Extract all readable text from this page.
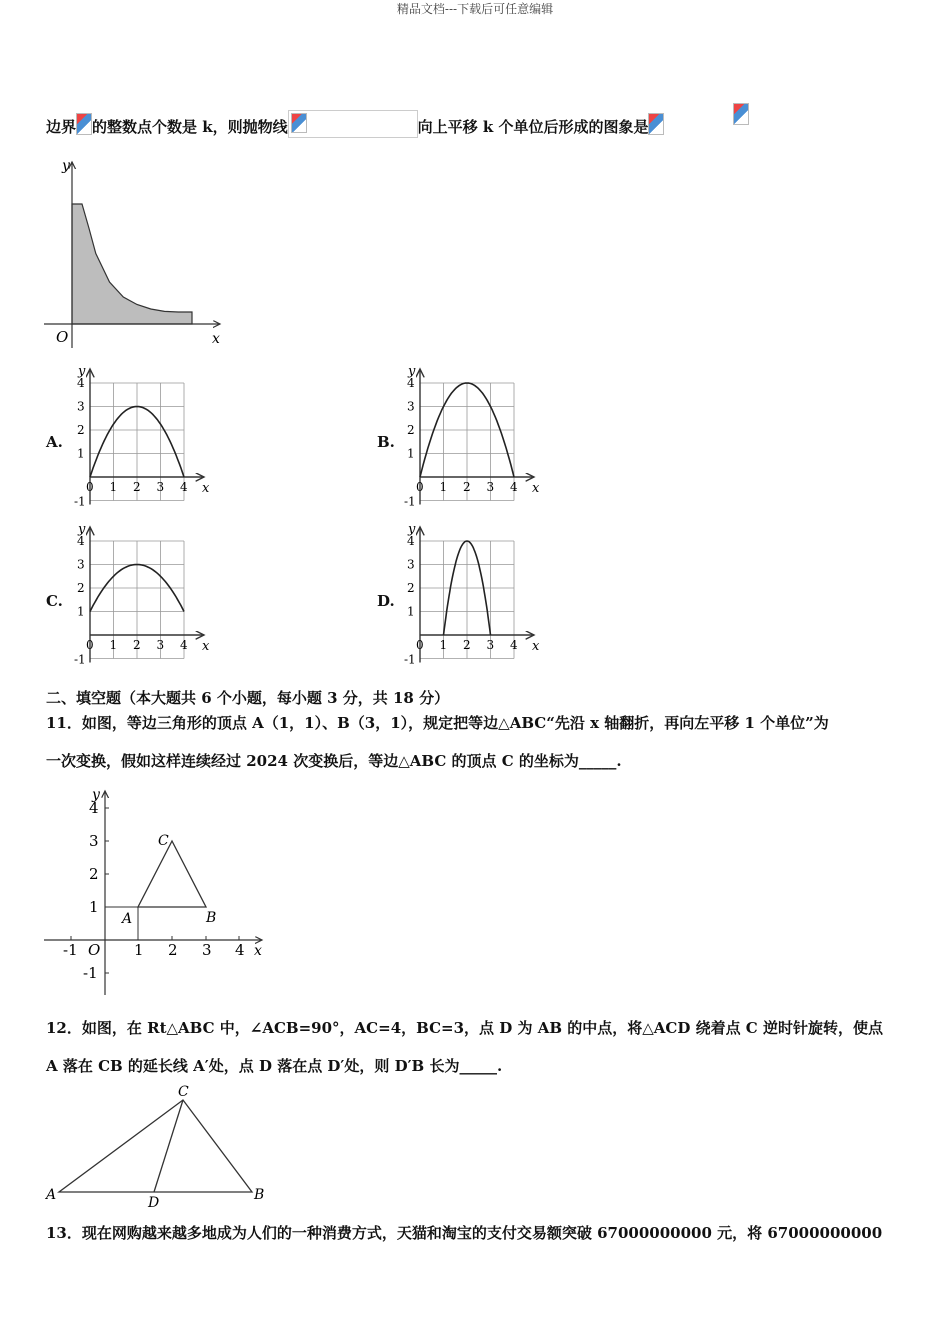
精品文档---下载后可任意编辑
边界 的整数点个数是 k，则抛物线	向上平移 k 个单位后形成的图象是
y
x
O
A.	B.
C.	D.
0 1 2 3 4
1
2
3
4
-1
x
y
0 1 2 3 4
1
2
3
4
-1
x
y
0 1 2 3 4
1
2
3
4
-1
x
y
0 1 2 3 4
1
2
3
4
-1
x
y
二、填空题（本大题共 6 个小题，每小题 3 分，共 18 分）
11．如图，等边三角形的顶点 A（1，1）、B（3，1），规定把等边△ABC“先沿 x 轴翻折，再向左平移 1 个单位”为
一次变换，假如这样连续经过 2024 次变换后，等边△ABC 的顶点 C 的坐标为_____.
-1	1 2 3 4
4
3
2
1
-1
O	x
y
A	B
C
12．如图，在 Rt△ABC 中，∠ACB=90°，AC=4，BC=3，点 D 为 AB 的中点，将△ACD 绕着点 C 逆时针旋转，使点
A 落在 CB 的延长线 A′处，点 D 落在点 D′处，则 D′B 长为_____.
A	B
C
D
13．现在网购越来越多地成为人们的一种消费方式，天猫和淘宝的支付交易额突破 67000000000 元，将 67000000000
